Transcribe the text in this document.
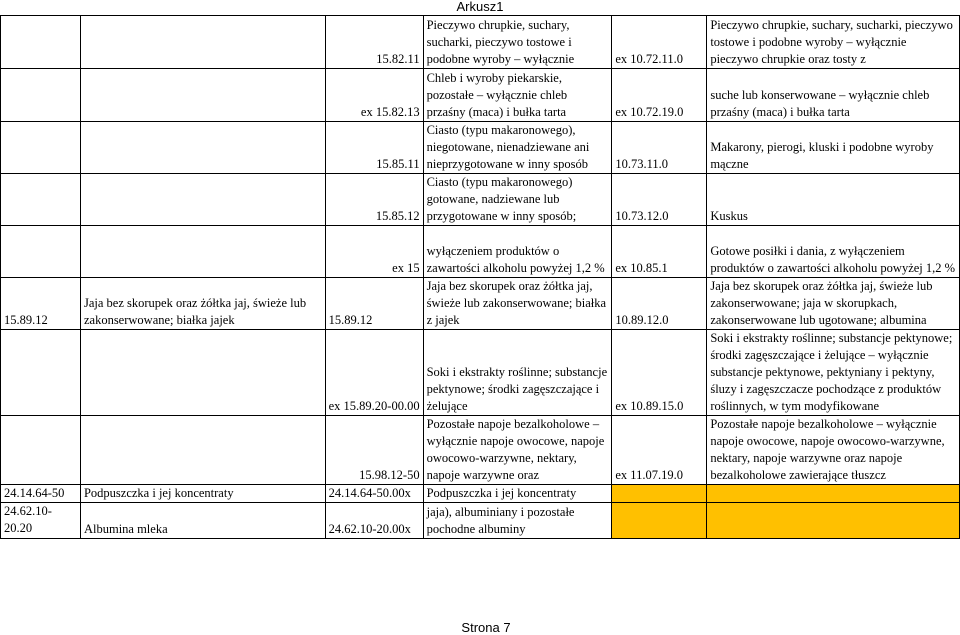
Arkusz1
		15.82.11	Pieczywo chrupkie, suchary, sucharki, pieczywo tostowe i podobne wyroby – wyłącznie	ex 10.72.11.0	Pieczywo chrupkie, suchary, sucharki, pieczywo tostowe i podobne wyroby – wyłącznie pieczywo chrupkie oraz tosty z
		ex 15.82.13	Chleb i wyroby piekarskie, pozostałe – wyłącznie chleb przaśny (maca) i bułka tarta	ex 10.72.19.0	suche lub konserwowane – wyłącznie chleb przaśny (maca) i bułka tarta
		15.85.11	Ciasto (typu makaronowego), niegotowane, nienadziewane ani nieprzygotowane w inny sposób	10.73.11.0	Makarony, pierogi, kluski i podobne wyroby mączne
		15.85.12	Ciasto (typu makaronowego) gotowane, nadziewane lub przygotowane w inny sposób;	10.73.12.0	Kuskus
		ex 15	wyłączeniem produktów o zawartości alkoholu powyżej 1,2 %	ex 10.85.1	Gotowe posiłki i dania, z wyłączeniem produktów o zawartości alkoholu powyżej 1,2 %
15.89.12	Jaja bez skorupek oraz żółtka jaj, świeże lub zakonserwowane; białka jajek	15.89.12	Jaja bez skorupek oraz żółtka jaj, świeże lub zakonserwowane; białka z jajek	10.89.12.0	Jaja bez skorupek oraz żółtka jaj, świeże lub zakonserwowane; jaja w skorupkach, zakonserwowane lub ugotowane; albumina
		ex 15.89.20-00.00	Soki i ekstrakty roślinne; substancje pektynowe; środki zagęszczające i żelujące	ex 10.89.15.0	Soki i ekstrakty roślinne; substancje pektynowe; środki zagęszczające i żelujące – wyłącznie substancje pektynowe, pektyniany i pektyny, śluzy i zagęszczacze pochodzące z produktów roślinnych, w tym modyfikowane
		15.98.12-50	Pozostałe napoje bezalkoholowe – wyłącznie napoje owocowe, napoje owocowo-warzywne, nektary, napoje warzywne oraz	ex 11.07.19.0	Pozostałe napoje bezalkoholowe – wyłącznie napoje owocowe, napoje owocowo-warzywne, nektary, napoje warzywne oraz napoje bezalkoholowe zawierające tłuszcz
24.14.64-50	Podpuszczka i jej koncentraty	24.14.64-50.00x	Podpuszczka i jej koncentraty		
24.62.10-20.20	Albumina mleka	24.62.10-20.00x	jaja), albuminiany i pozostałe pochodne albuminy		
Strona 7
